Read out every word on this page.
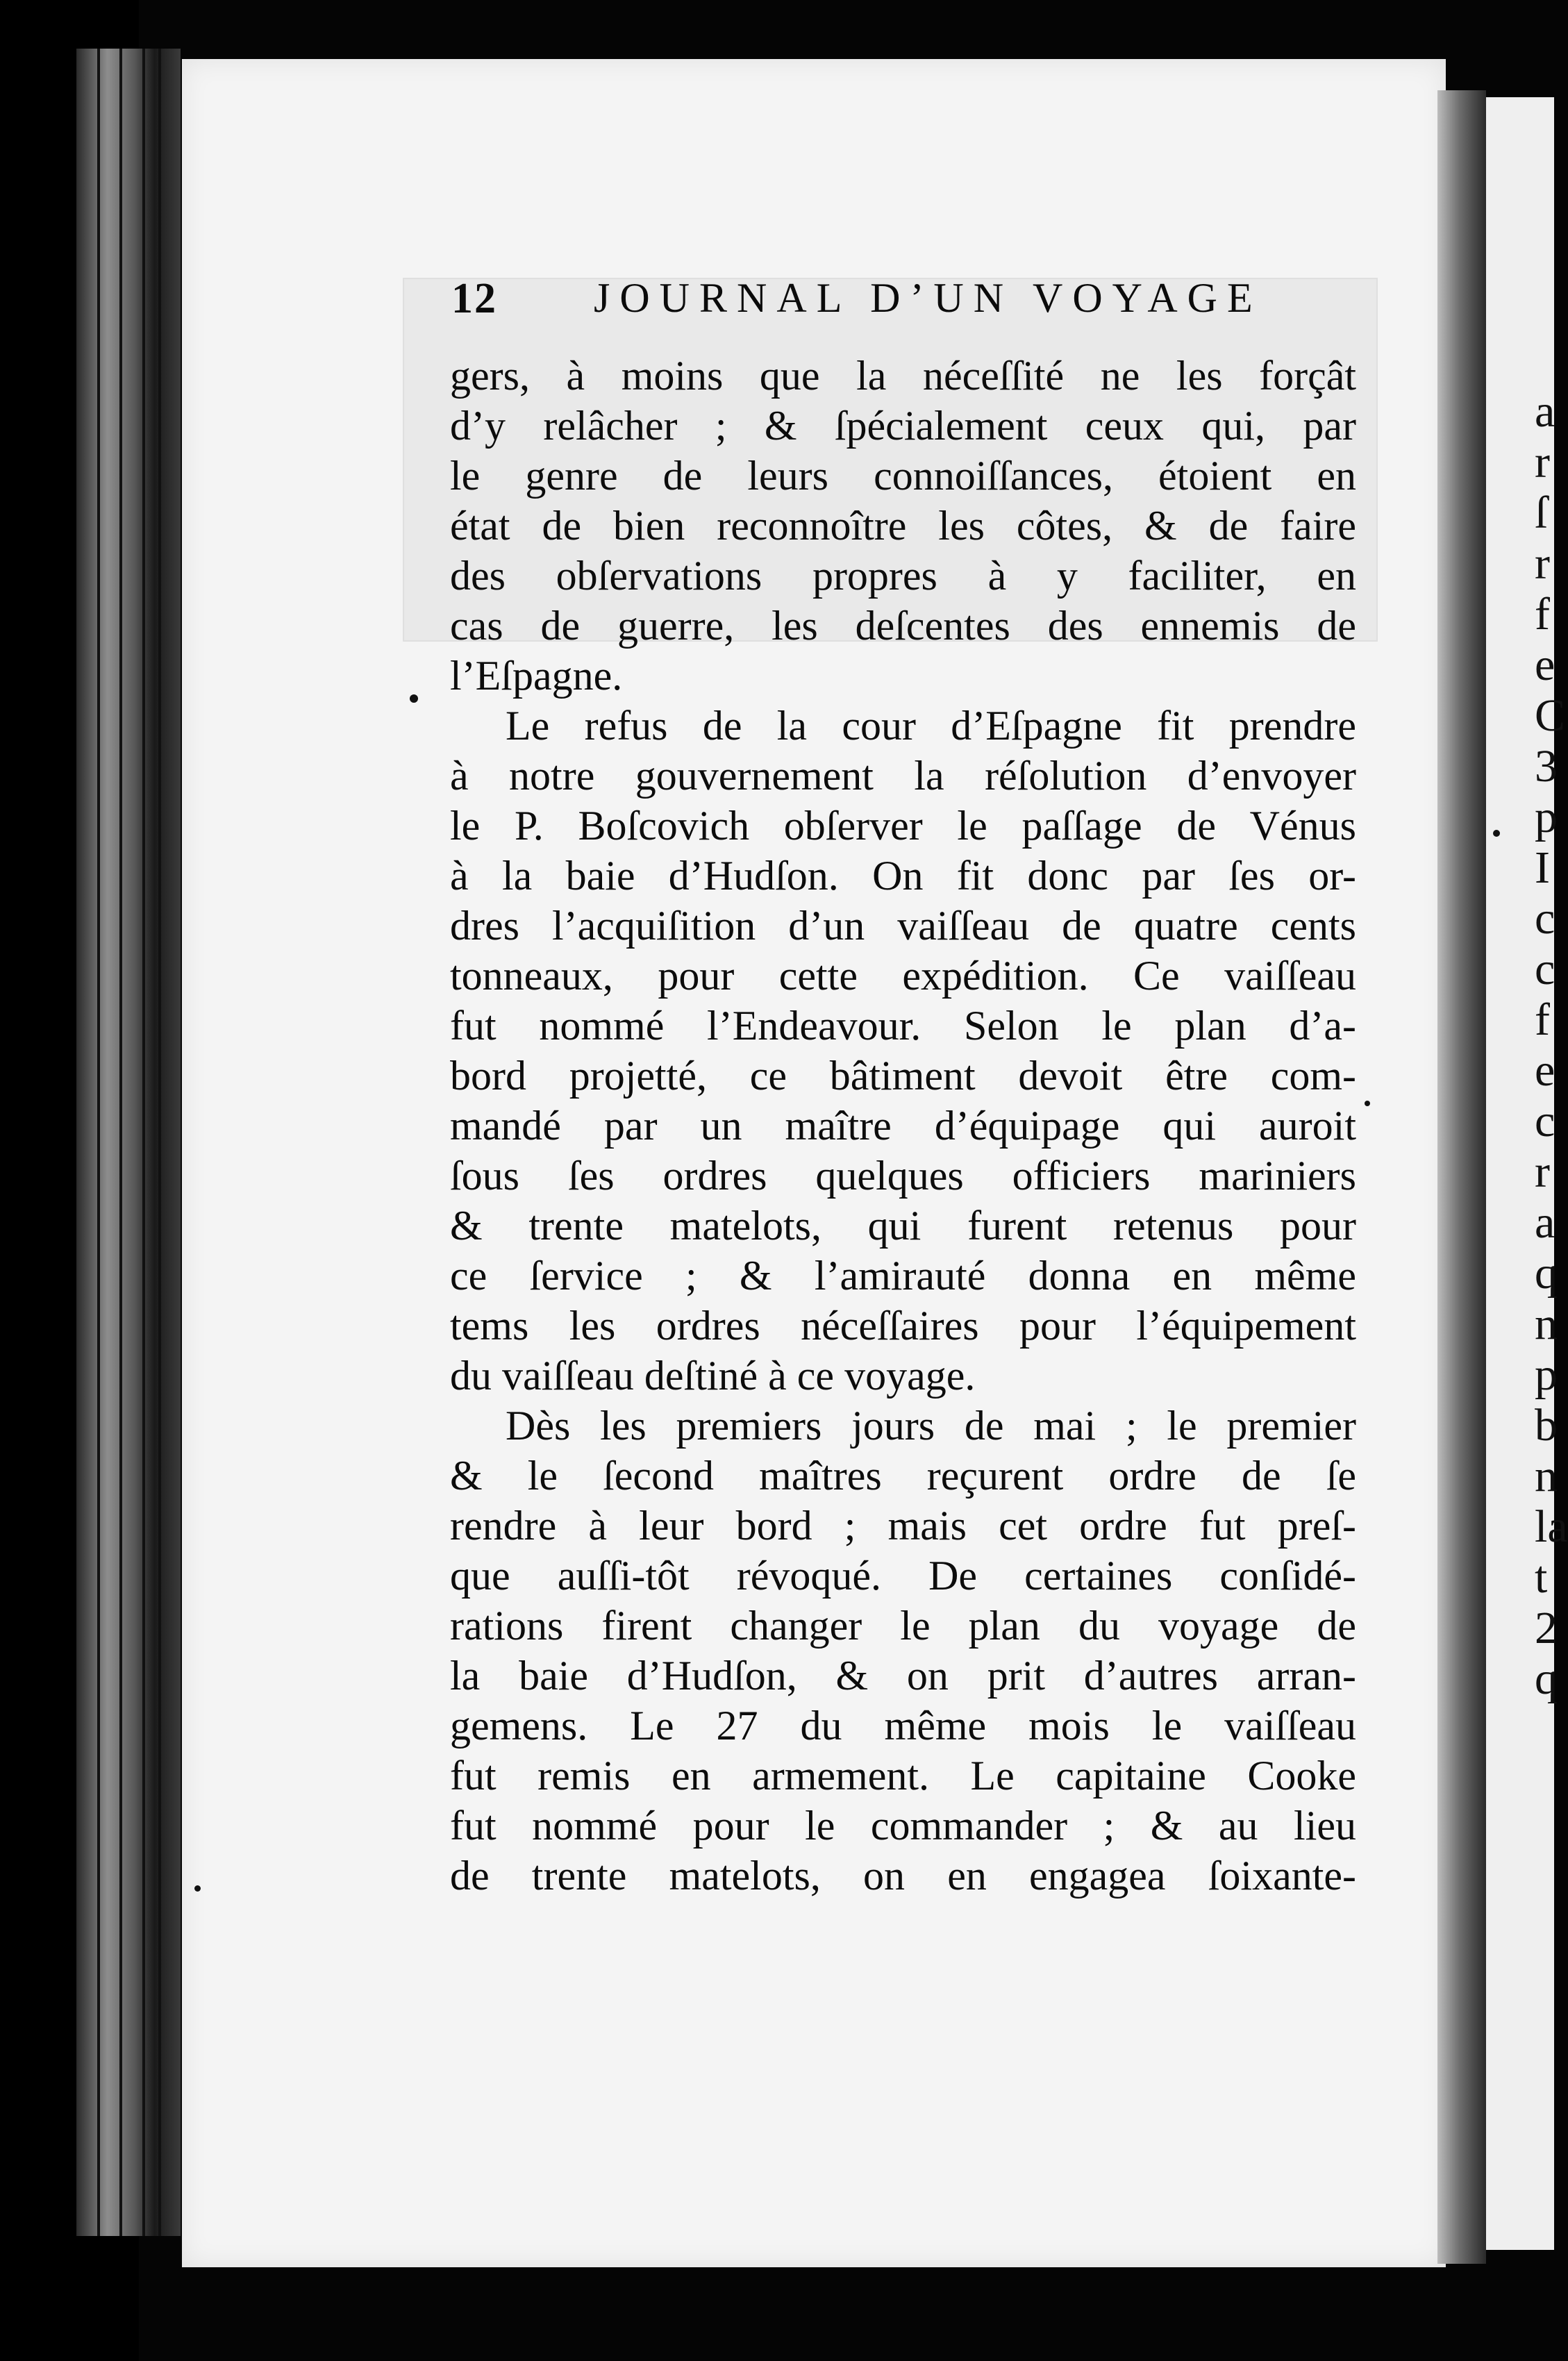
a
r
ſ
r
f
e
C
3
p
I
c
c
f
e
c
r
a
q
n
p
b
n
la
t
2
q
12 JOURNAL D’UN VOYAGE
gers, à moins que la néceſſité ne les forçât
d’y relâcher ; & ſpécialement ceux qui, par
le genre de leurs connoiſſances, étoient en
état de bien reconnoître les côtes, & de faire
des obſervations propres à y faciliter, en
cas de guerre, les deſcentes des ennemis de
l’Eſpagne.
Le refus de la cour d’Eſpagne fit prendre
à notre gouvernement la réſolution d’envoyer
le P. Boſcovich obſerver le paſſage de Vénus
à la baie d’Hudſon. On fit donc par ſes or-
dres l’acquiſition d’un vaiſſeau de quatre cents
tonneaux, pour cette expédition. Ce vaiſſeau
fut nommé l’Endeavour. Selon le plan d’a-
bord projetté, ce bâtiment devoit être com-
mandé par un maître d’équipage qui auroit
ſous ſes ordres quelques officiers mariniers
& trente matelots, qui furent retenus pour
ce ſervice ; & l’amirauté donna en même
tems les ordres néceſſaires pour l’équipement
du vaiſſeau deſtiné à ce voyage.
Dès les premiers jours de mai ; le premier
& le ſecond maîtres reçurent ordre de ſe
rendre à leur bord ; mais cet ordre fut preſ-
que auſſi-tôt révoqué. De certaines conſidé-
rations firent changer le plan du voyage de
la baie d’Hudſon, & on prit d’autres arran-
gemens. Le 27 du même mois le vaiſſeau
fut remis en armement. Le capitaine Cooke
fut nommé pour le commander ; & au lieu
de trente matelots, on en engagea ſoixante-
